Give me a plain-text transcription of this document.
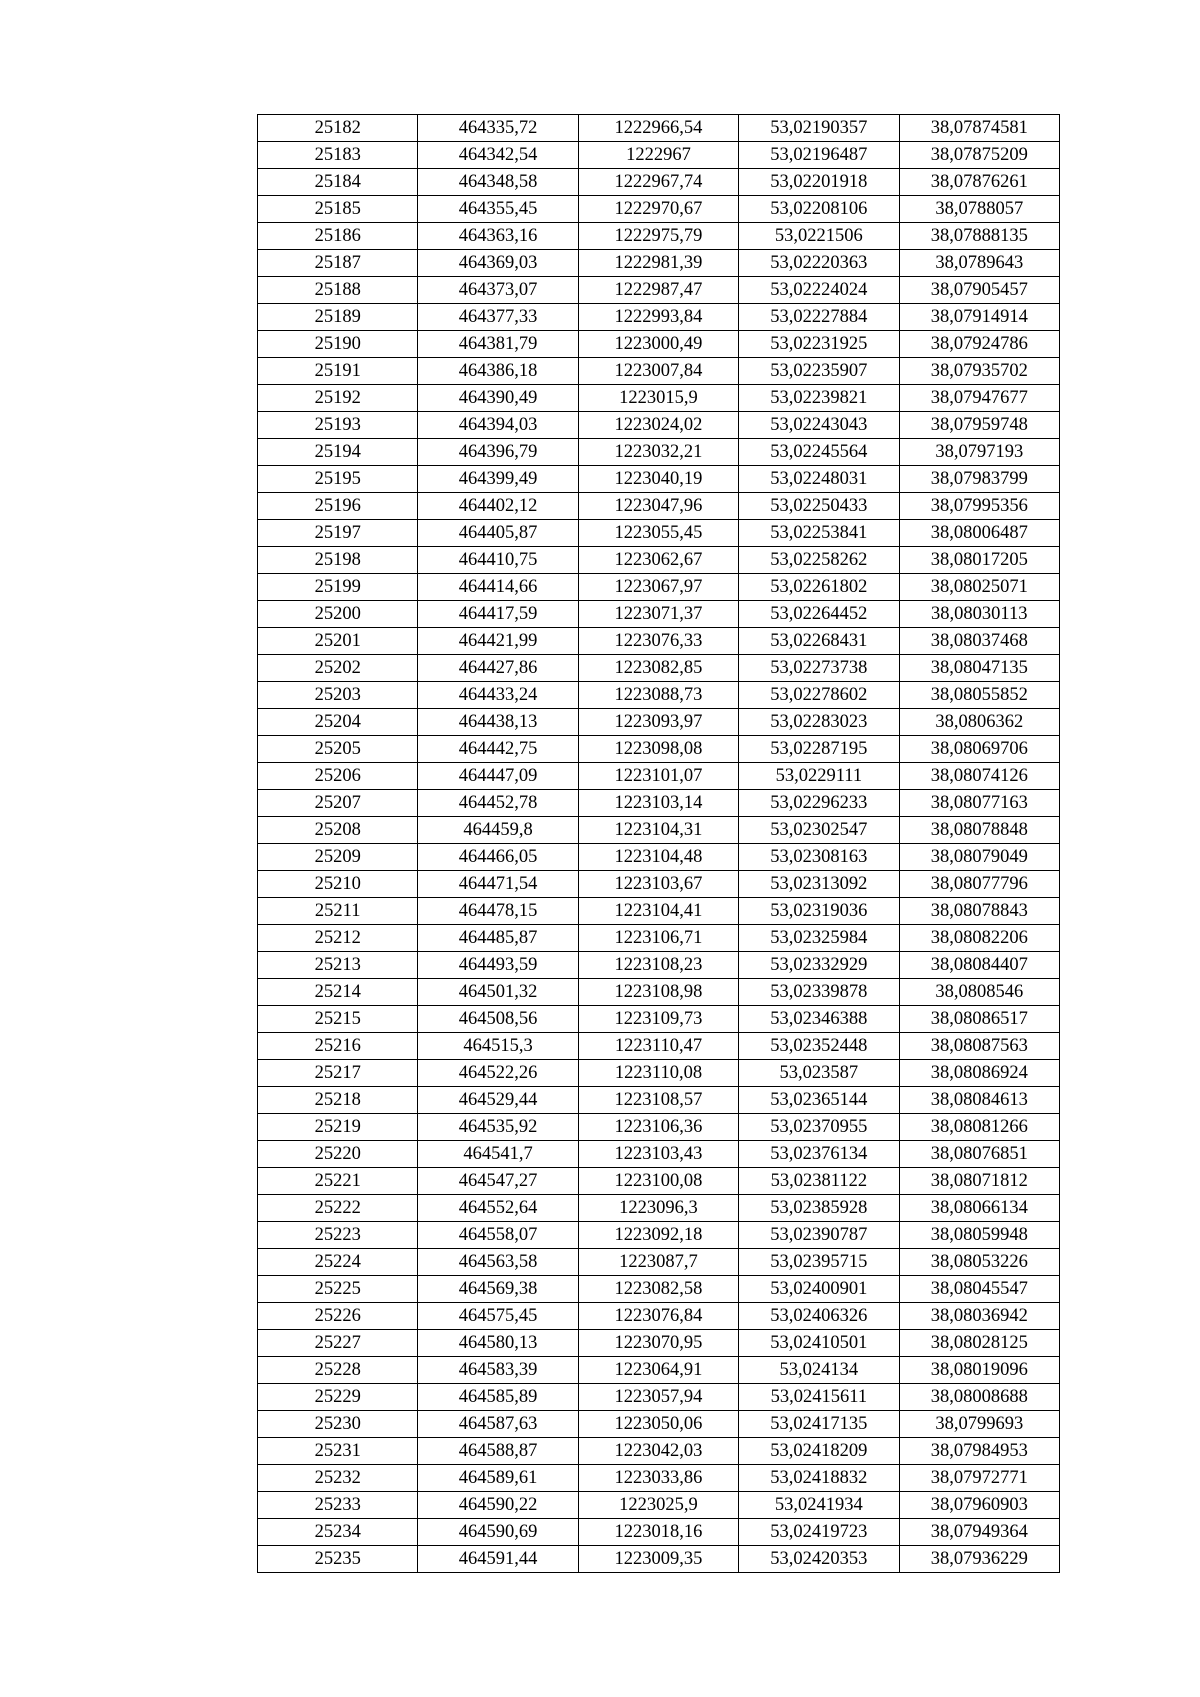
25182	464335,72	1222966,54	53,02190357	38,07874581
25183	464342,54	1222967	53,02196487	38,07875209
25184	464348,58	1222967,74	53,02201918	38,07876261
25185	464355,45	1222970,67	53,02208106	38,0788057
25186	464363,16	1222975,79	53,0221506	38,07888135
25187	464369,03	1222981,39	53,02220363	38,0789643
25188	464373,07	1222987,47	53,02224024	38,07905457
25189	464377,33	1222993,84	53,02227884	38,07914914
25190	464381,79	1223000,49	53,02231925	38,07924786
25191	464386,18	1223007,84	53,02235907	38,07935702
25192	464390,49	1223015,9	53,02239821	38,07947677
25193	464394,03	1223024,02	53,02243043	38,07959748
25194	464396,79	1223032,21	53,02245564	38,0797193
25195	464399,49	1223040,19	53,02248031	38,07983799
25196	464402,12	1223047,96	53,02250433	38,07995356
25197	464405,87	1223055,45	53,02253841	38,08006487
25198	464410,75	1223062,67	53,02258262	38,08017205
25199	464414,66	1223067,97	53,02261802	38,08025071
25200	464417,59	1223071,37	53,02264452	38,08030113
25201	464421,99	1223076,33	53,02268431	38,08037468
25202	464427,86	1223082,85	53,02273738	38,08047135
25203	464433,24	1223088,73	53,02278602	38,08055852
25204	464438,13	1223093,97	53,02283023	38,0806362
25205	464442,75	1223098,08	53,02287195	38,08069706
25206	464447,09	1223101,07	53,0229111	38,08074126
25207	464452,78	1223103,14	53,02296233	38,08077163
25208	464459,8	1223104,31	53,02302547	38,08078848
25209	464466,05	1223104,48	53,02308163	38,08079049
25210	464471,54	1223103,67	53,02313092	38,08077796
25211	464478,15	1223104,41	53,02319036	38,08078843
25212	464485,87	1223106,71	53,02325984	38,08082206
25213	464493,59	1223108,23	53,02332929	38,08084407
25214	464501,32	1223108,98	53,02339878	38,0808546
25215	464508,56	1223109,73	53,02346388	38,08086517
25216	464515,3	1223110,47	53,02352448	38,08087563
25217	464522,26	1223110,08	53,023587	38,08086924
25218	464529,44	1223108,57	53,02365144	38,08084613
25219	464535,92	1223106,36	53,02370955	38,08081266
25220	464541,7	1223103,43	53,02376134	38,08076851
25221	464547,27	1223100,08	53,02381122	38,08071812
25222	464552,64	1223096,3	53,02385928	38,08066134
25223	464558,07	1223092,18	53,02390787	38,08059948
25224	464563,58	1223087,7	53,02395715	38,08053226
25225	464569,38	1223082,58	53,02400901	38,08045547
25226	464575,45	1223076,84	53,02406326	38,08036942
25227	464580,13	1223070,95	53,02410501	38,08028125
25228	464583,39	1223064,91	53,024134	38,08019096
25229	464585,89	1223057,94	53,02415611	38,08008688
25230	464587,63	1223050,06	53,02417135	38,0799693
25231	464588,87	1223042,03	53,02418209	38,07984953
25232	464589,61	1223033,86	53,02418832	38,07972771
25233	464590,22	1223025,9	53,0241934	38,07960903
25234	464590,69	1223018,16	53,02419723	38,07949364
25235	464591,44	1223009,35	53,02420353	38,07936229
